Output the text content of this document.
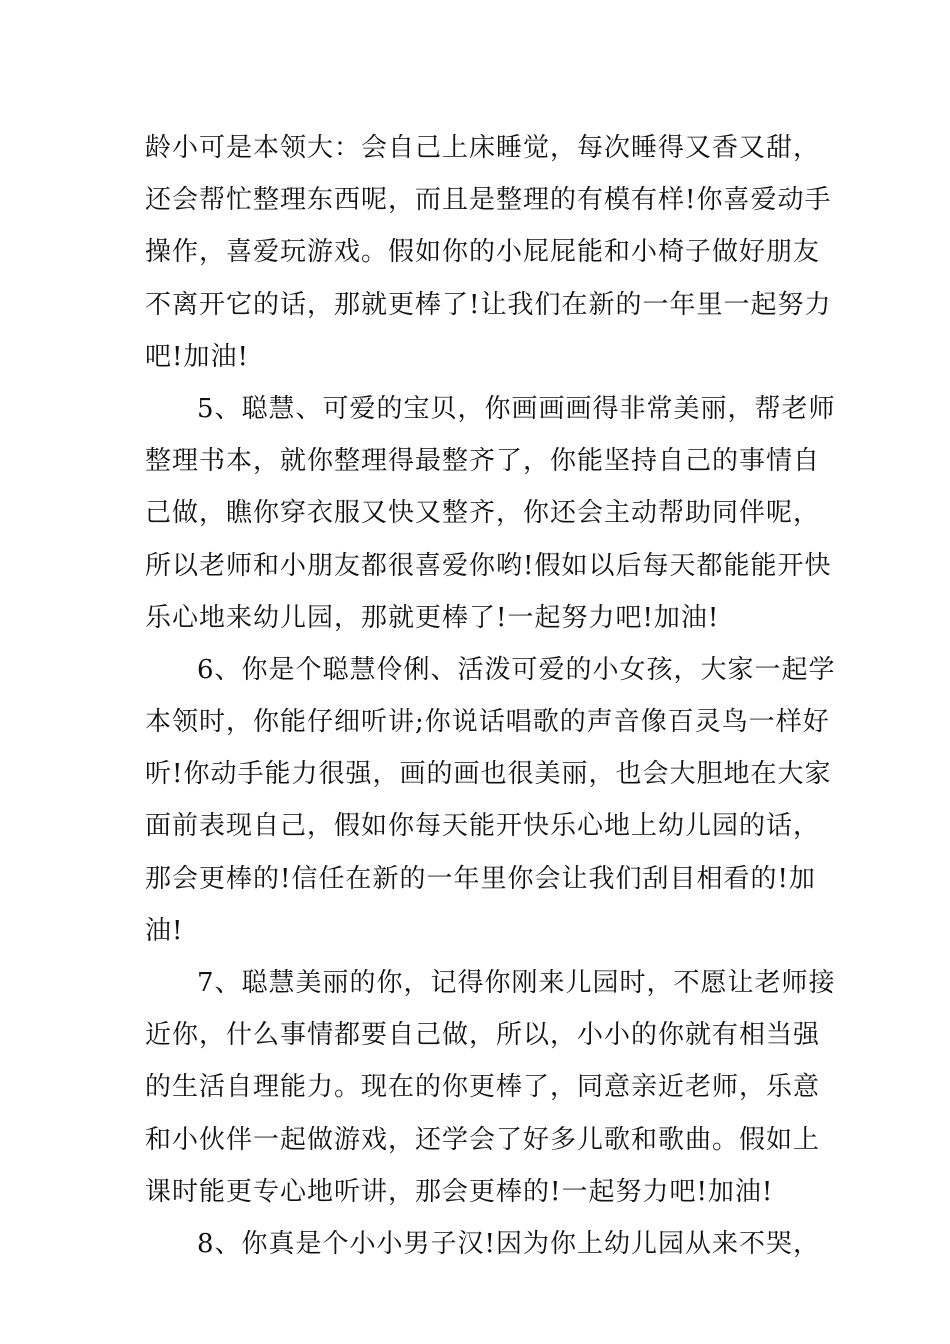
龄小可是本领大：会自己上床睡觉，每次睡得又香又甜，
还会帮忙整理东西呢，而且是整理的有模有样!你喜爱动手
操作，喜爱玩游戏。假如你的小屁屁能和小椅子做好朋友
不离开它的话，那就更棒了!让我们在新的一年里一起努力
吧!加油!
5、聪慧、可爱的宝贝，你画画画得非常美丽，帮老师
整理书本，就你整理得最整齐了，你能坚持自己的事情自
己做，瞧你穿衣服又快又整齐，你还会主动帮助同伴呢，
所以老师和小朋友都很喜爱你哟!假如以后每天都能能开快
乐心地来幼儿园，那就更棒了!一起努力吧!加油!
6、你是个聪慧伶俐、活泼可爱的小女孩，大家一起学
本领时，你能仔细听讲;你说话唱歌的声音像百灵鸟一样好
听!你动手能力很强，画的画也很美丽，也会大胆地在大家
面前表现自己，假如你每天能开快乐心地上幼儿园的话，
那会更棒的!信任在新的一年里你会让我们刮目相看的!加
油!
7、聪慧美丽的你，记得你刚来儿园时，不愿让老师接
近你，什么事情都要自己做，所以，小小的你就有相当强
的生活自理能力。现在的你更棒了，同意亲近老师，乐意
和小伙伴一起做游戏，还学会了好多儿歌和歌曲。假如上
课时能更专心地听讲，那会更棒的!一起努力吧!加油!
8、你真是个小小男子汉!因为你上幼儿园从来不哭，
